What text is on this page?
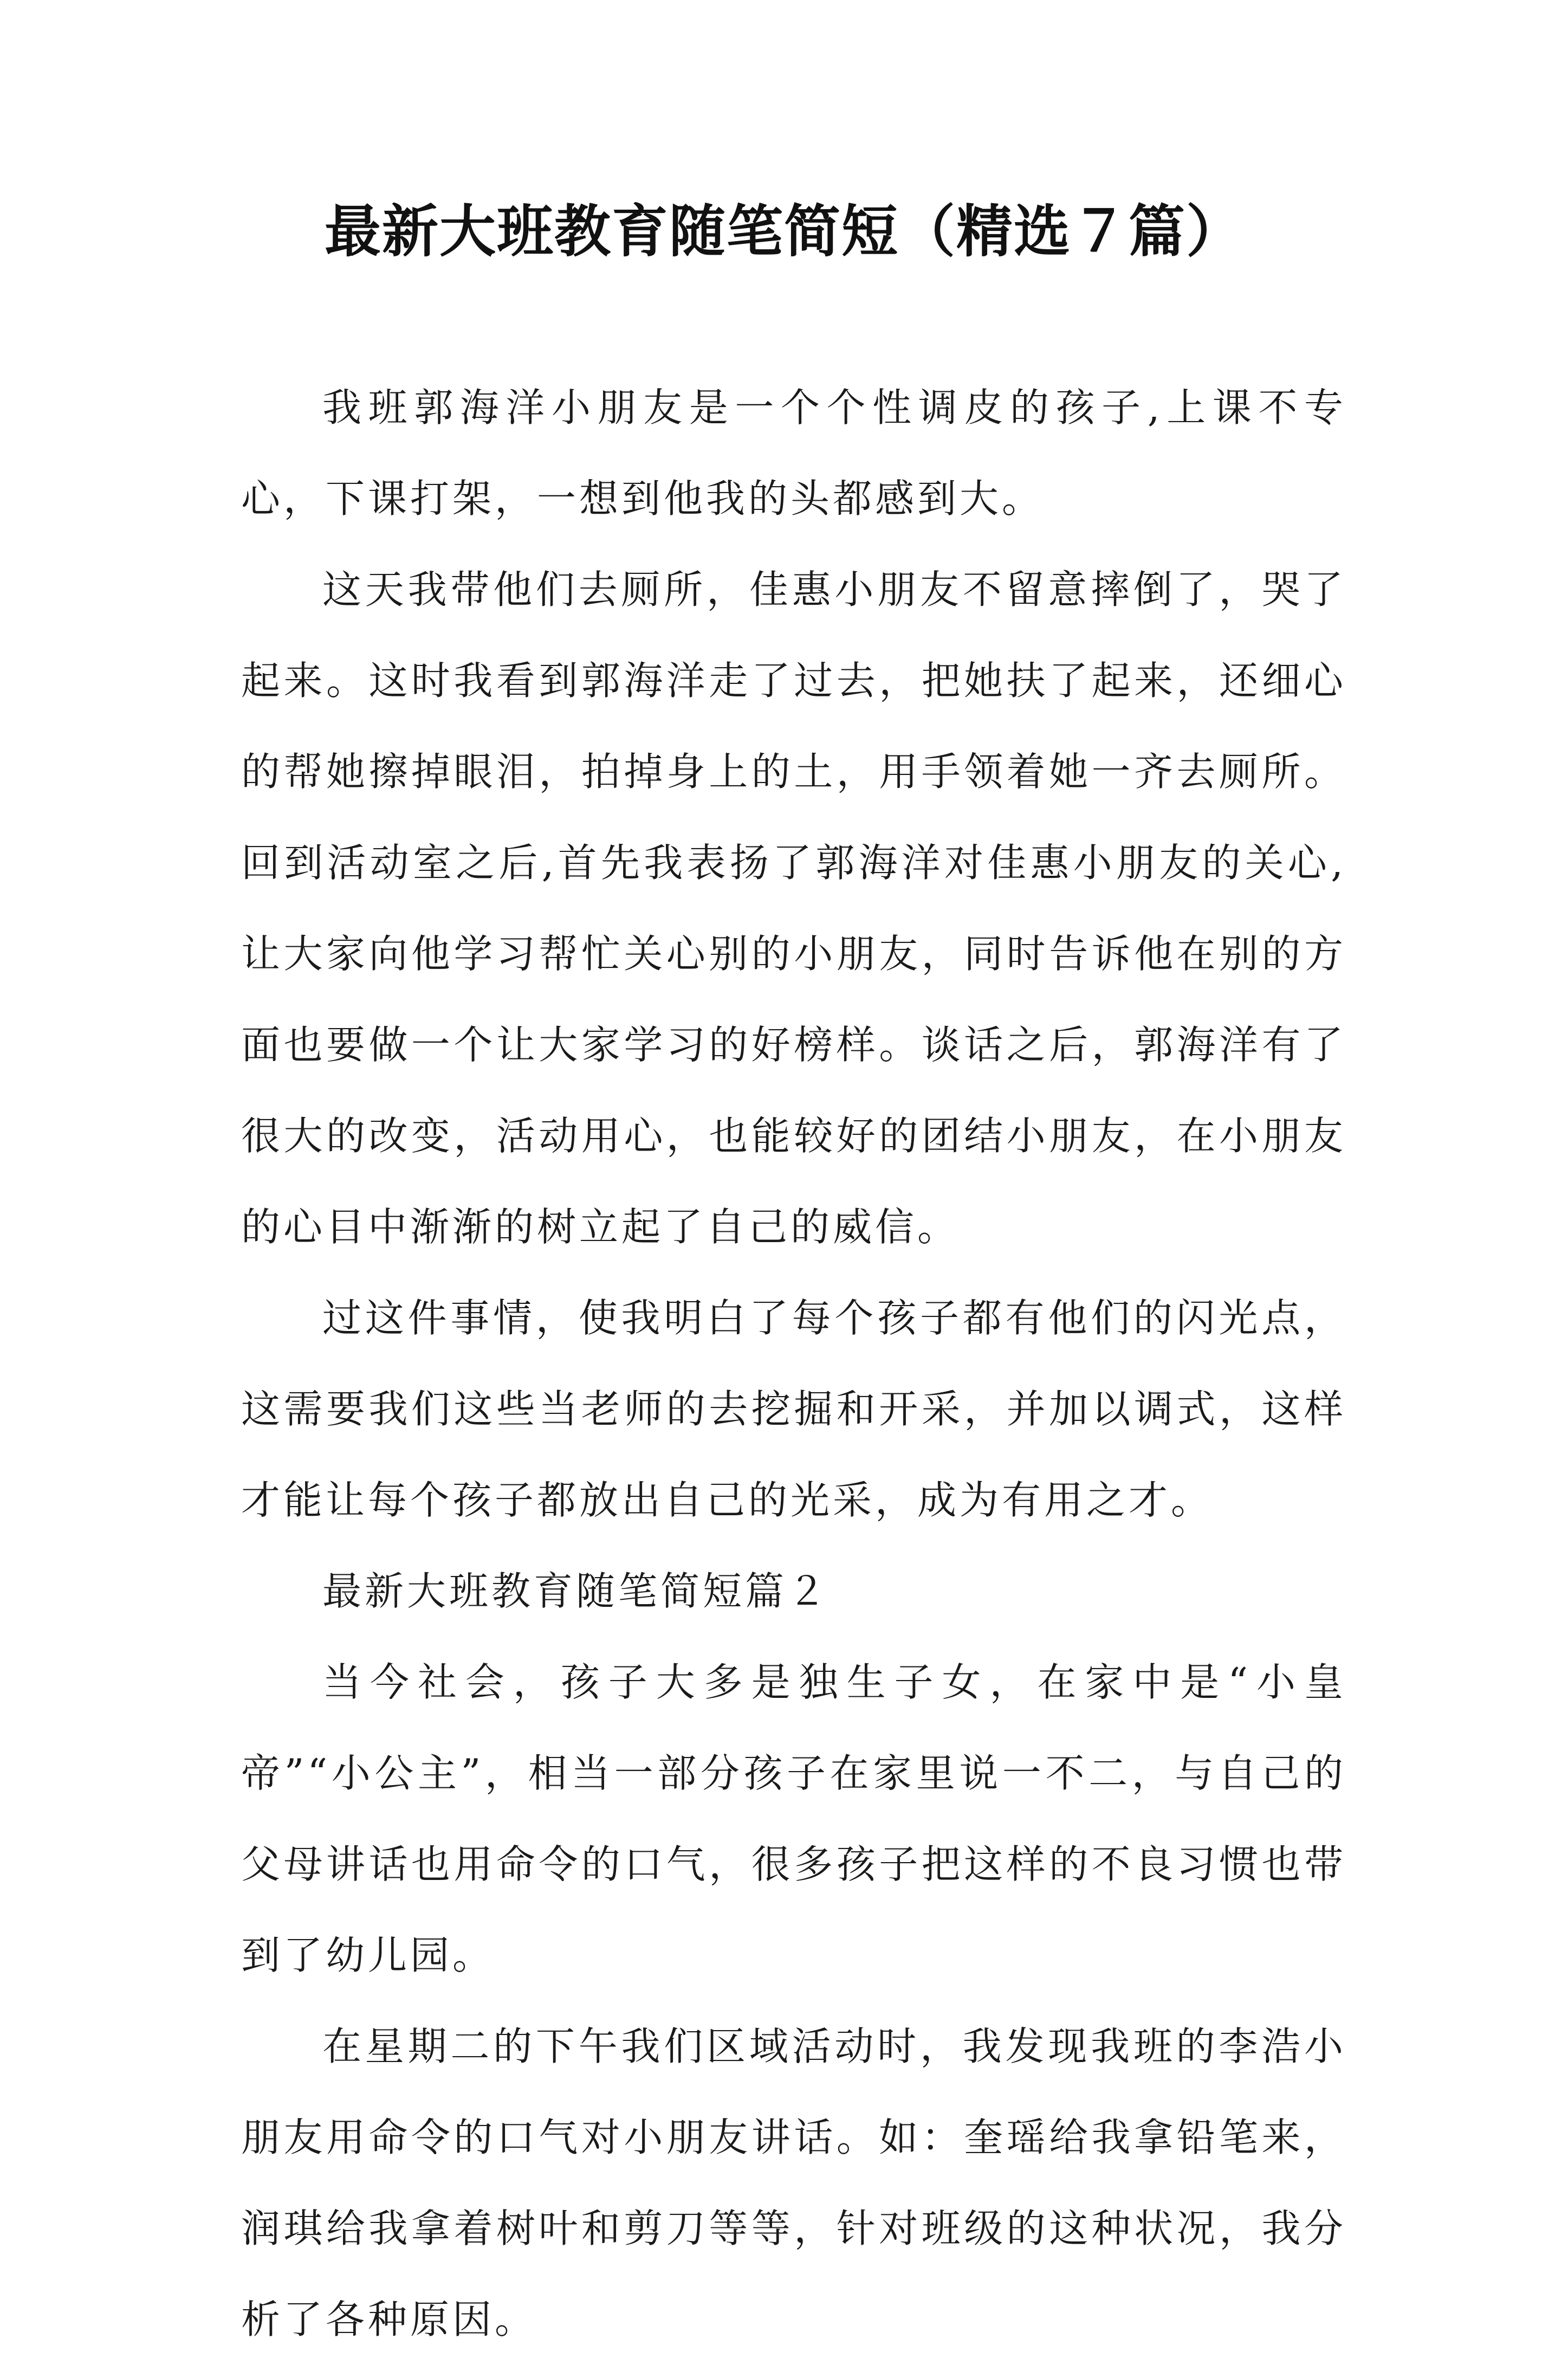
最新大班教育随笔简短（精选７篇）

我班郭海洋小朋友是一个个性调皮的孩子,上课不专心，下课打架，一想到他我的头都感到大。

这天我带他们去厕所，佳惠小朋友不留意摔倒了，哭了起来。这时我看到郭海洋走了过去，把她扶了起来，还细心的帮她擦掉眼泪，拍掉身上的土，用手领着她一齐去厕所。回到活动室之后,首先我表扬了郭海洋对佳惠小朋友的关心,让大家向他学习帮忙关心别的小朋友，同时告诉他在别的方面也要做一个让大家学习的好榜样。谈话之后，郭海洋有了很大的改变，活动用心，也能较好的团结小朋友，在小朋友的心目中渐渐的树立起了自己的威信。

过这件事情，使我明白了每个孩子都有他们的闪光点，这需要我们这些当老师的去挖掘和开采，并加以调式，这样才能让每个孩子都放出自己的光采，成为有用之才。

最新大班教育随笔简短篇２

当今社会，孩子大多是独生子女，在家中是“小皇帝”“小公主”，相当一部分孩子在家里说一不二，与自己的父母讲话也用命令的口气，很多孩子把这样的不良习惯也带到了幼儿园。

在星期二的下午我们区域活动时，我发现我班的李浩小朋友用命令的口气对小朋友讲话。如：奎瑶给我拿铅笔来，润琪给我拿着树叶和剪刀等等，针对班级的这种状况，我分析了各种原因。
